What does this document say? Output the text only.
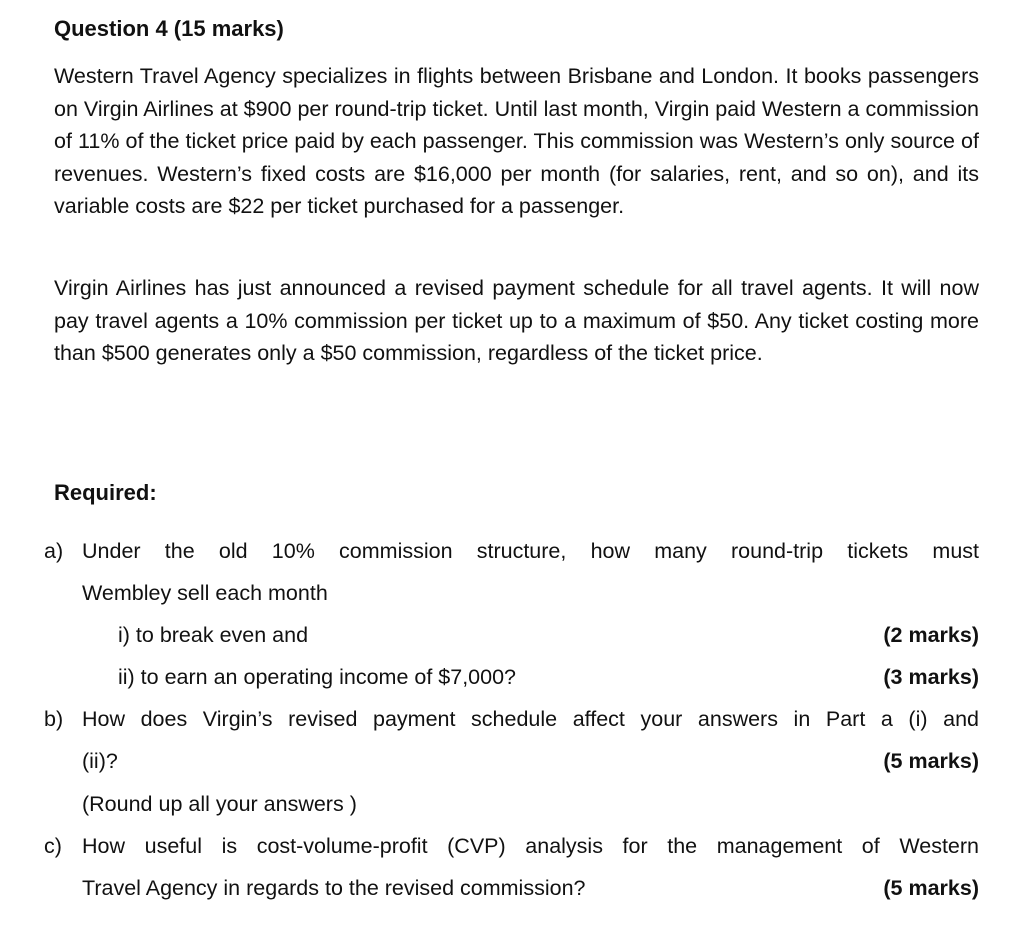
Question 4 (15 marks)

Western Travel Agency specializes in flights between Brisbane and London. It books passengers on Virgin Airlines at $900 per round-trip ticket. Until last month, Virgin paid Western a commission of 11% of the ticket price paid by each passenger. This commission was Western’s only source of revenues. Western’s fixed costs are $16,000 per month (for salaries, rent, and so on), and its variable costs are $22 per ticket purchased for a passenger.

Virgin Airlines has just announced a revised payment schedule for all travel agents. It will now pay travel agents a 10% commission per ticket up to a maximum of $50. Any ticket costing more than $500 generates only a $50 commission, regardless of the ticket price.

Required:
a) Under the old 10% commission structure, how many round-trip tickets must
Wembley sell each month
i) to break even and	(2 marks)
ii) to earn an operating income of $7,000?	(3 marks)
b) How does Virgin’s revised payment schedule affect your answers in Part a (i) and
(ii)?	(5 marks)
(Round up all your answers )
c) How useful is cost-volume-profit (CVP) analysis for the management of Western
Travel Agency in regards to the revised commission?	(5 marks)
